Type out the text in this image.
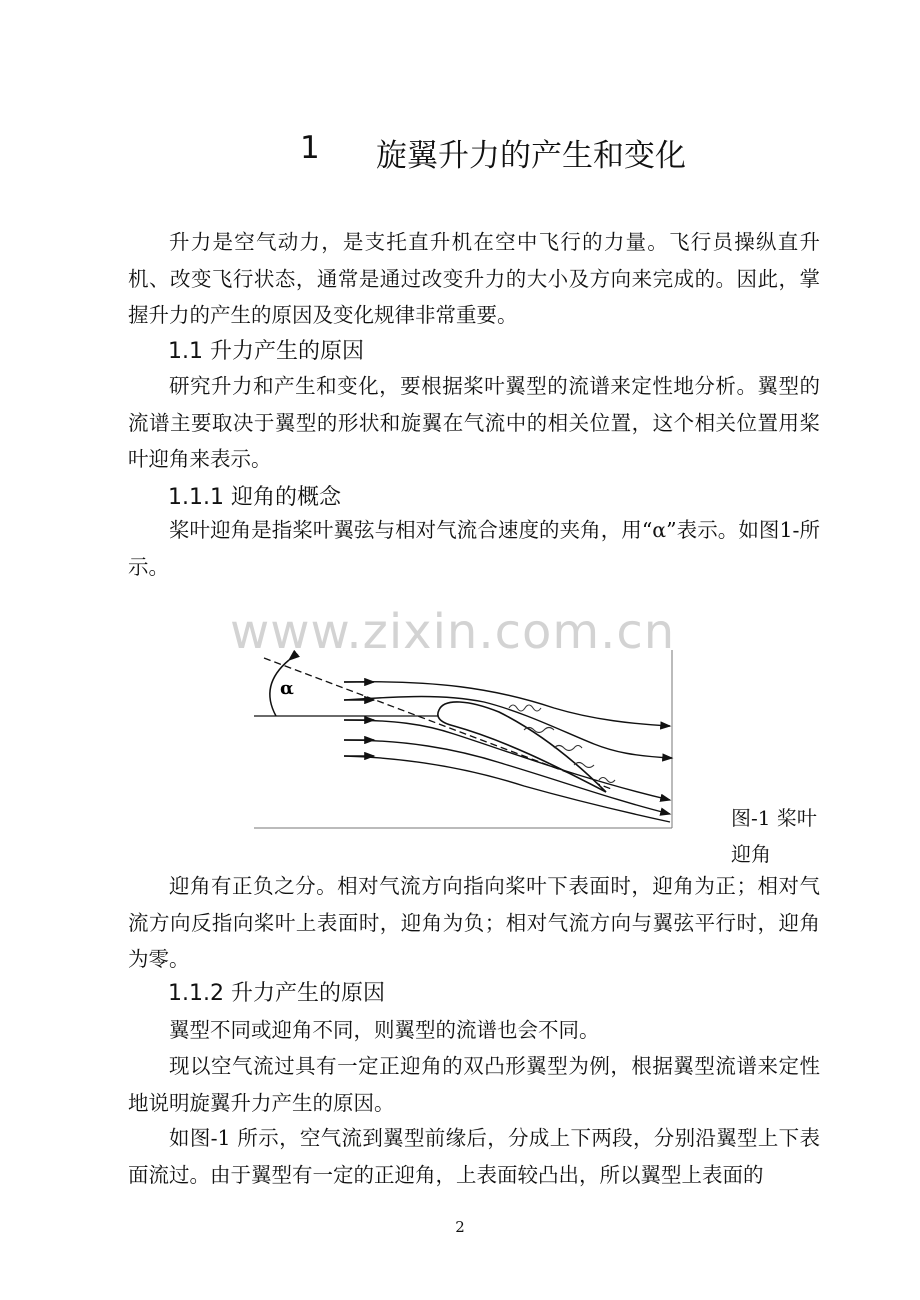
1 旋翼升力的产生和变化

升力是空气动力，是支托直升机在空中飞行的力量。飞行员操纵直升机、改变飞行状态，通常是通过改变升力的大小及方向来完成的。因此，掌握升力的产生的原因及变化规律非常重要。

1.1 升力产生的原因

研究升力和产生和变化，要根据桨叶翼型的流谱来定性地分析。翼型的流谱主要取决于翼型的形状和旋翼在气流中的相关位置，这个相关位置用桨叶迎角来表示。

1.1.1 迎角的概念

桨叶迎角是指桨叶翼弦与相对气流合速度的夹角，用“α”表示。如图1-所示。

www.zixin.com.cn
α
图-1 桨叶迎角

迎角有正负之分。相对气流方向指向桨叶下表面时，迎角为正；相对气流方向反指向桨叶上表面时，迎角为负；相对气流方向与翼弦平行时，迎角为零。

1.1.2 升力产生的原因

翼型不同或迎角不同，则翼型的流谱也会不同。

现以空气流过具有一定正迎角的双凸形翼型为例，根据翼型流谱来定性地说明旋翼升力产生的原因。

如图-1 所示，空气流到翼型前缘后，分成上下两段，分别沿翼型上下表面流过。由于翼型有一定的正迎角，上表面较凸出，所以翼型上表面的

2
